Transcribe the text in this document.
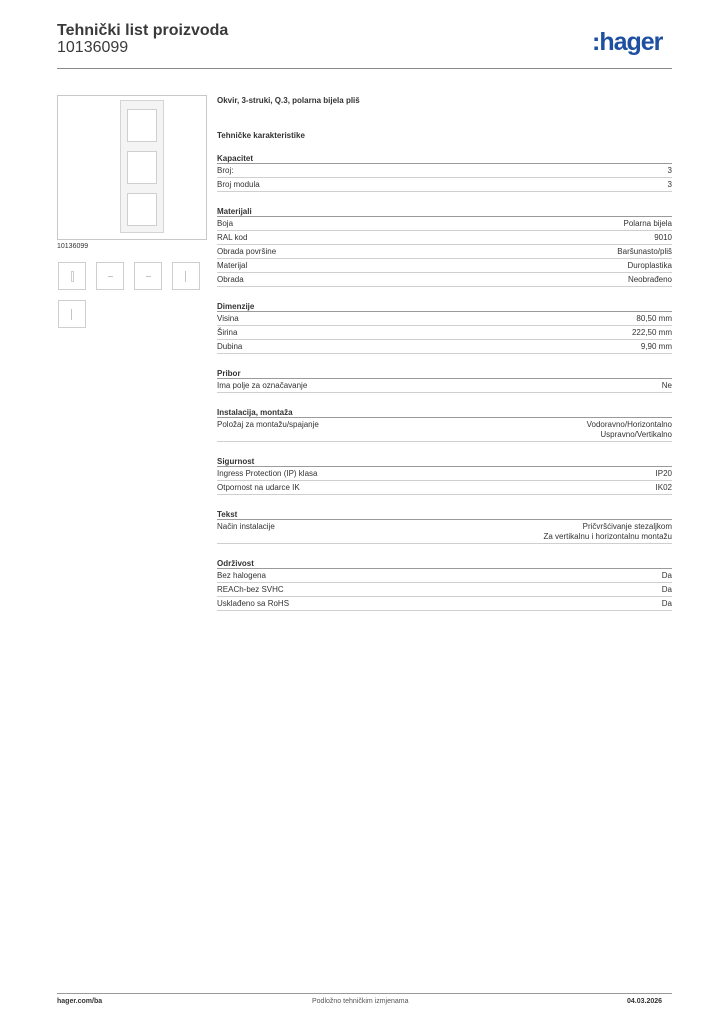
Tehnički list proizvoda
10136099	:hager
10136099
Okvir, 3-struki, Q.3, polarna bijela pliš
Tehničke karakteristike
Kapacitet
Broj:	3
Broj modula	3
Materijali
Boja	Polarna bijela
RAL kod	9010
Obrada površine	Baršunasto/pliš
Materijal	Duroplastika
Obrada	Neobrađeno
Dimenzije
Visina	80,50 mm
Širina	222,50 mm
Dubina	9,90 mm
Pribor
Ima polje za označavanje	Ne
Instalacija, montaža
Položaj za montažu/spajanje	Vodoravno/Horizontalno
Uspravno/Vertikalno
Sigurnost
Ingress Protection (IP) klasa	IP20
Otpornost na udarce IK	IK02
Tekst
Način instalacije	Pričvršćivanje stezaljkom
Za vertikalnu i horizontalnu montažu
Održivost
Bez halogena	Da
REACh-bez SVHC	Da
Usklađeno sa RoHS	Da
hager.com/ba	Podložno tehničkim izmjenama	04.03.2026
